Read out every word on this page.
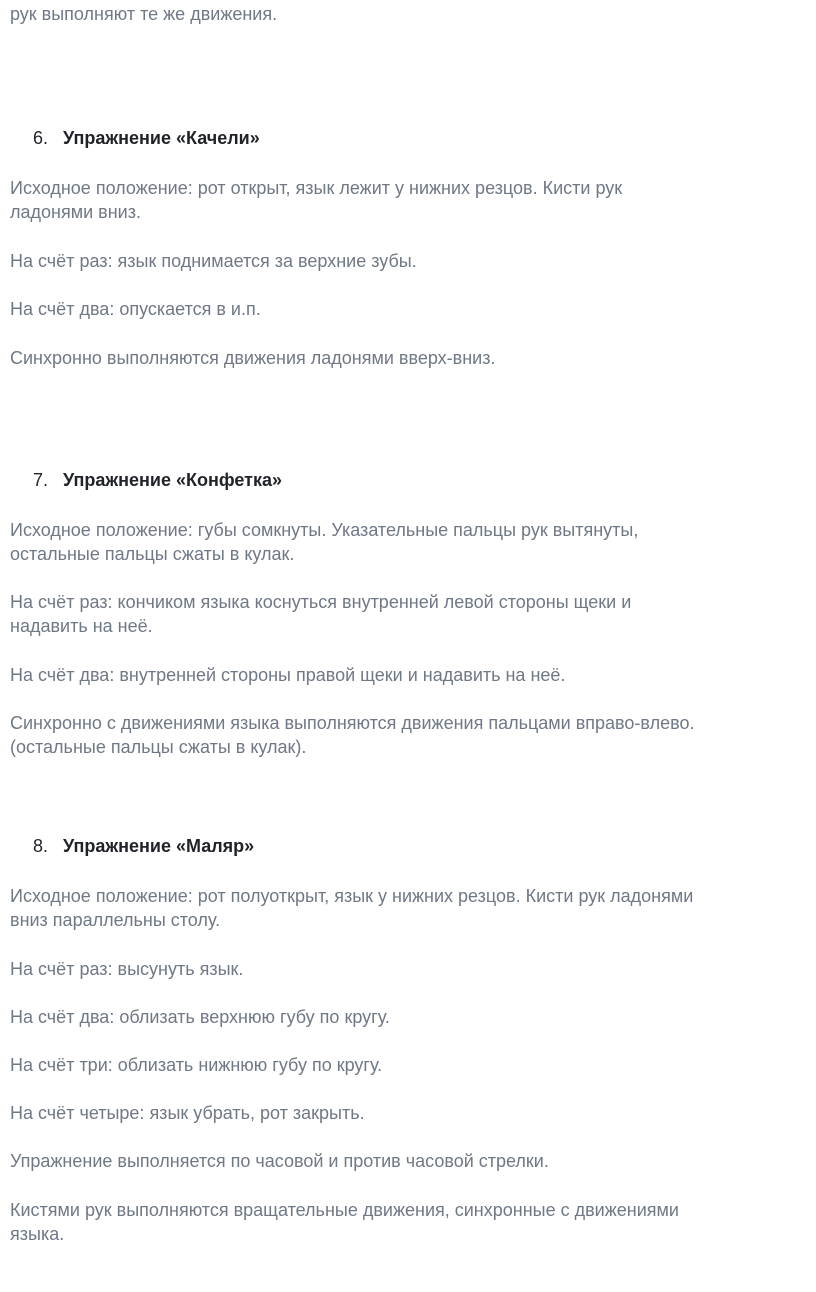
рук выполняют те же движения.
6. Упражнение «Качели»
Исходное положение: рот открыт, язык лежит у нижних резцов. Кисти рук
ладонями вниз.
На счёт раз: язык поднимается за верхние зубы.
На счёт два: опускается в и.п.
Синхронно выполняются движения ладонями вверх-вниз.
7. Упражнение «Конфетка»
Исходное положение: губы сомкнуты. Указательные пальцы рук вытянуты,
остальные пальцы сжаты в кулак.
На счёт раз: кончиком языка коснуться внутренней левой стороны щеки и
надавить на неё.
На счёт два: внутренней стороны правой щеки и надавить на неё.
Синхронно с движениями языка выполняются движения пальцами вправо-влево.
(остальные пальцы сжаты в кулак).
8. Упражнение «Маляр»
Исходное положение: рот полуоткрыт, язык у нижних резцов. Кисти рук ладонями
вниз параллельны столу.
На счёт раз: высунуть язык.
На счёт два: облизать верхнюю губу по кругу.
На счёт три: облизать нижнюю губу по кругу.
На счёт четыре: язык убрать, рот закрыть.
Упражнение выполняется по часовой и против часовой стрелки.
Кистями рук выполняются вращательные движения, синхронные с движениями
языка.
